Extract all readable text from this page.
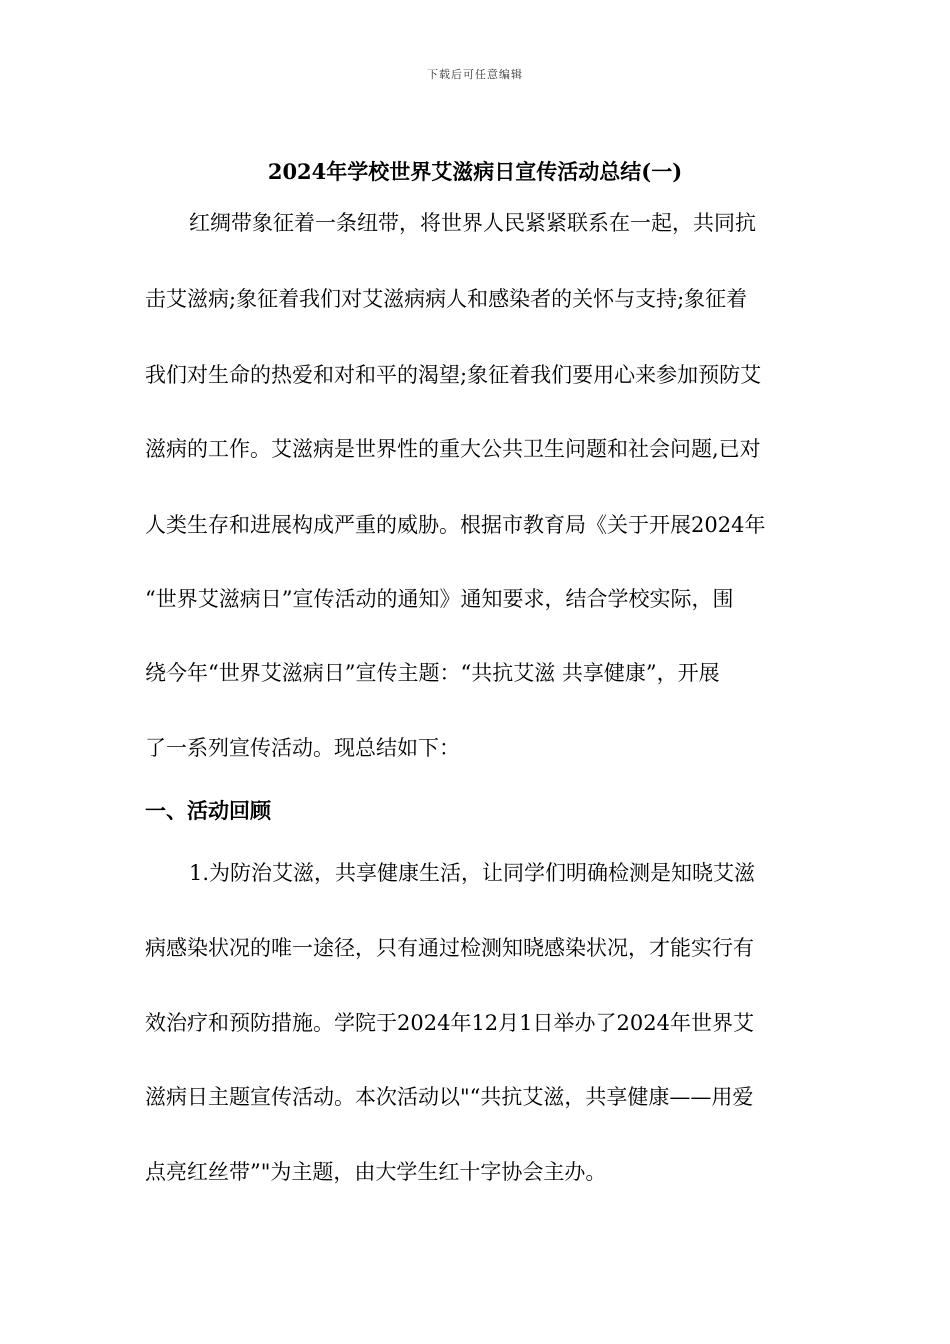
下载后可任意编辑
2024年学校世界艾滋病日宣传活动总结(一)
红绸带象征着一条纽带，将世界人民紧紧联系在一起，共同抗
击艾滋病;象征着我们对艾滋病病人和感染者的关怀与支持;象征着
我们对生命的热爱和对和平的渴望;象征着我们要用心来参加预防艾
滋病的工作。艾滋病是世界性的重大公共卫生问题和社会问题,已对
人类生存和进展构成严重的威胁。根据市教育局《关于开展2024年
“世界艾滋病日”宣传活动的通知》通知要求，结合学校实际，围
绕今年“世界艾滋病日”宣传主题：“共抗艾滋 共享健康”，开展
了一系列宣传活动。现总结如下：
一、活动回顾
1.为防治艾滋，共享健康生活，让同学们明确检测是知晓艾滋
病感染状况的唯一途径，只有通过检测知晓感染状况，才能实行有
效治疗和预防措施。学院于2024年12月1日举办了2024年世界艾
滋病日主题宣传活动。本次活动以"“共抗艾滋，共享健康——用爱
点亮红丝带”"为主题，由大学生红十字协会主办。
